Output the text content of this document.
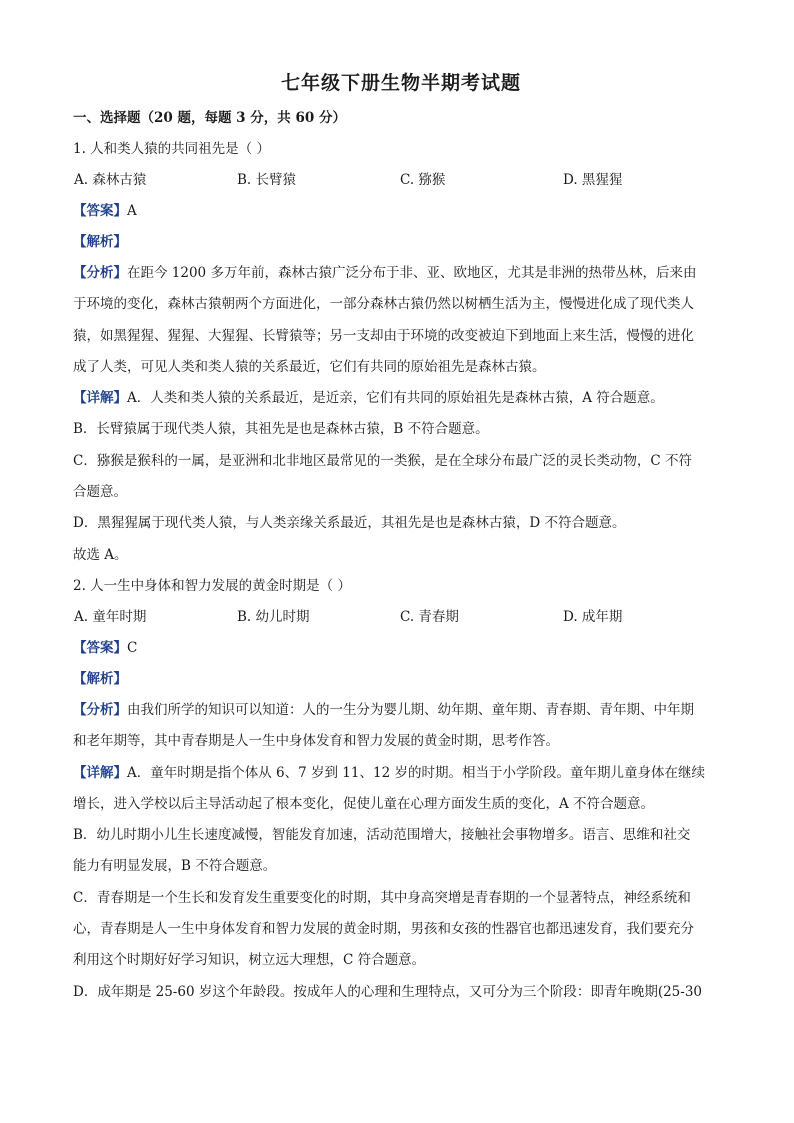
七年级下册生物半期考试题
一、选择题（20 题，每题 3 分，共 60 分）
1. 人和类人猿的共同祖先是（ ）
A. 森林古猿	B. 长臂猿	C. 猕猴	D. 黑猩猩
【答案】A
【解析】
【分析】在距今 1200 多万年前，森林古猿广泛分布于非、亚、欧地区，尤其是非洲的热带丛林，后来由
于环境的变化，森林古猿朝两个方面进化，一部分森林古猿仍然以树栖生活为主，慢慢进化成了现代类人
猿，如黑猩猩、猩猩、大猩猩、长臂猿等；另一支却由于环境的改变被迫下到地面上来生活，慢慢的进化
成了人类，可见人类和类人猿的关系最近，它们有共同的原始祖先是森林古猿。
【详解】A．人类和类人猿的关系最近，是近亲，它们有共同的原始祖先是森林古猿，A 符合题意。
B．长臂猿属于现代类人猿，其祖先是也是森林古猿，B 不符合题意。
C．猕猴是猴科的一属，是亚洲和北非地区最常见的一类猴，是在全球分布最广泛的灵长类动物，C 不符
合题意。
D．黑猩猩属于现代类人猿，与人类亲缘关系最近，其祖先是也是森林古猿，D 不符合题意。
故选 A。
2. 人一生中身体和智力发展的黄金时期是（ ）
A. 童年时期	B. 幼儿时期	C. 青春期	D. 成年期
【答案】C
【解析】
【分析】由我们所学的知识可以知道：人的一生分为婴儿期、幼年期、童年期、青春期、青年期、中年期
和老年期等，其中青春期是人一生中身体发育和智力发展的黄金时期，思考作答。
【详解】A．童年时期是指个体从 6、7 岁到 11、12 岁的时期。相当于小学阶段。童年期儿童身体在继续
增长，进入学校以后主导活动起了根本变化，促使儿童在心理方面发生质的变化，A 不符合题意。
B．幼儿时期小儿生长速度减慢，智能发育加速，活动范围增大，接触社会事物增多。语言、思维和社交
能力有明显发展，B 不符合题意。
C．青春期是一个生长和发育发生重要变化的时期，其中身高突增是青春期的一个显著特点，神经系统和
心，青春期是人一生中身体发育和智力发展的黄金时期，男孩和女孩的性器官也都迅速发育，我们要充分
利用这个时期好好学习知识，树立远大理想，C 符合题意。
D．成年期是 25-60 岁这个年龄段。按成年人的心理和生理特点，又可分为三个阶段：即青年晚期(25-30
